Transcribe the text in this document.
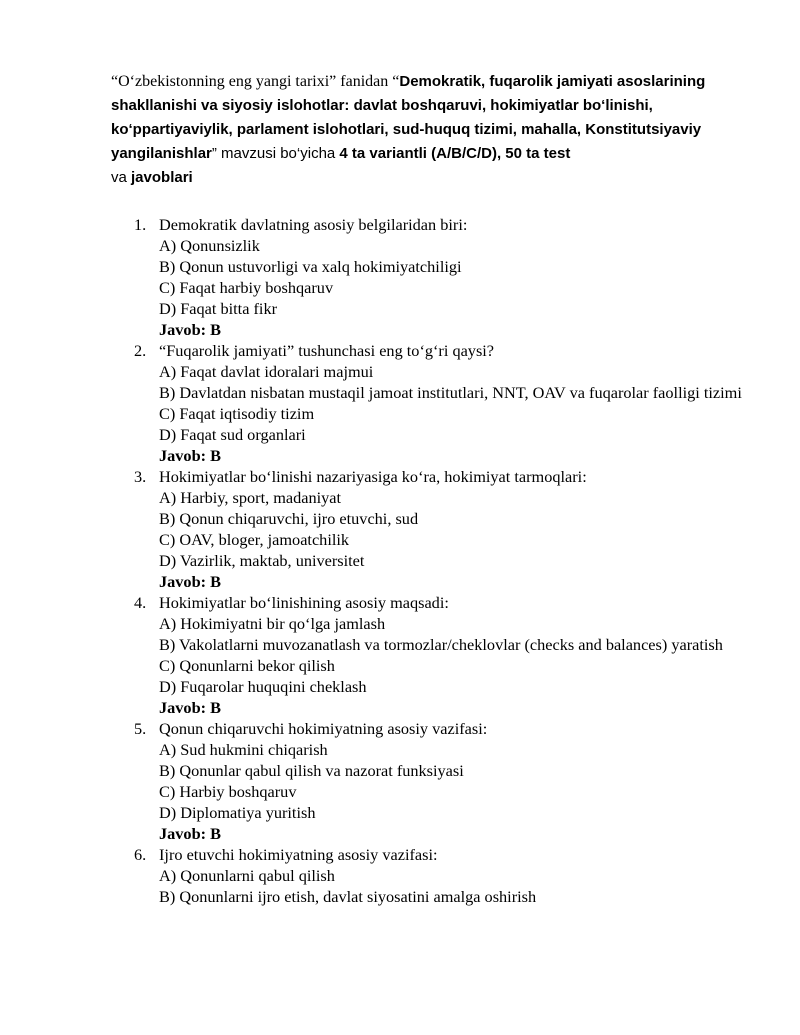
“O‘zbekistonning eng yangi tarixi” fanidan “Demokratik, fuqarolik jamiyati asoslarining shakllanishi va siyosiy islohotlar: davlat boshqaruvi, hokimiyatlar bo‘linishi, ko‘ppartiyaviylik, parlament islohotlari, sud-huquq tizimi, mahalla, Konstitutsiyaviy yangilanishlar” mavzusi bo‘yicha 4 ta variantli (A/B/C/D), 50 ta test
va javoblari

1. Demokratik davlatning asosiy belgilaridan biri:
A) Qonunsizlik
B) Qonun ustuvorligi va xalq hokimiyatchiligi
C) Faqat harbiy boshqaruv
D) Faqat bitta fikr
Javob: B
2. “Fuqarolik jamiyati” tushunchasi eng to‘g‘ri qaysi?
A) Faqat davlat idoralari majmui
B) Davlatdan nisbatan mustaqil jamoat institutlari, NNT, OAV va fuqarolar faolligi tizimi
C) Faqat iqtisodiy tizim
D) Faqat sud organlari
Javob: B
3. Hokimiyatlar bo‘linishi nazariyasiga ko‘ra, hokimiyat tarmoqlari:
A) Harbiy, sport, madaniyat
B) Qonun chiqaruvchi, ijro etuvchi, sud
C) OAV, bloger, jamoatchilik
D) Vazirlik, maktab, universitet
Javob: B
4. Hokimiyatlar bo‘linishining asosiy maqsadi:
A) Hokimiyatni bir qo‘lga jamlash
B) Vakolatlarni muvozanatlash va tormozlar/cheklovlar (checks and balances) yaratish
C) Qonunlarni bekor qilish
D) Fuqarolar huquqini cheklash
Javob: B
5. Qonun chiqaruvchi hokimiyatning asosiy vazifasi:
A) Sud hukmini chiqarish
B) Qonunlar qabul qilish va nazorat funksiyasi
C) Harbiy boshqaruv
D) Diplomatiya yuritish
Javob: B
6. Ijro etuvchi hokimiyatning asosiy vazifasi:
A) Qonunlarni qabul qilish
B) Qonunlarni ijro etish, davlat siyosatini amalga oshirish
